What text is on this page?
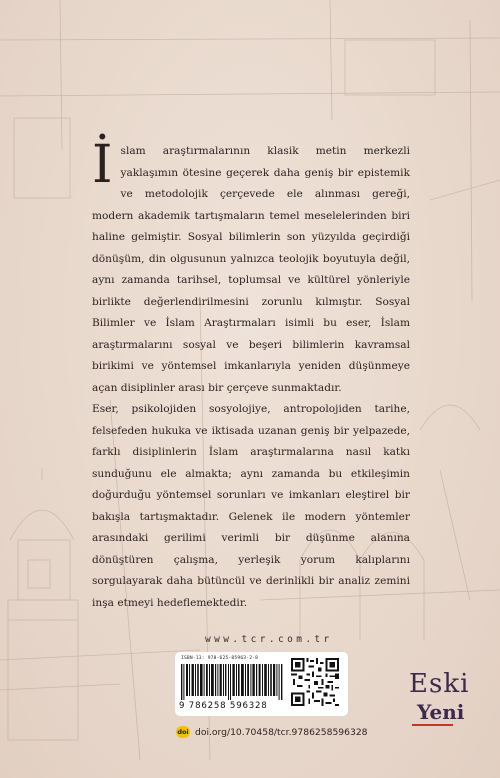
İslam araştırmalarının klasik metin merkezli yaklaşımın ötesine geçerek daha geniş bir epistemik ve metodolojik çerçevede ele alınması gereği, modern akademik tartışmaların temel meselelerinden biri haline gelmiştir. Sosyal bilimlerin son yüzyılda geçirdiği dönüşüm, din olgusunun yalnızca teolojik boyutuyla değil, aynı zamanda tarihsel, toplumsal ve kültürel yönleriyle birlikte değerlendirilmesini zorunlu kılmıştır. Sosyal Bilimler ve İslam Araştırmaları isimli bu eser, İslam araştırmalarını sosyal ve beşeri bilimlerin kavramsal birikimi ve yöntemsel imkanlarıyla yeniden düşünmeye açan disiplinler arası bir çerçeve sunmaktadır.

Eser, psikolojiden sosyolojiye, antropolojiden tarihe, felsefeden hukuka ve iktisada uzanan geniş bir yelpazede, farklı disiplinlerin İslam araştırmalarına nasıl katkı sunduğunu ele almakta; aynı zamanda bu etkileşimin doğurduğu yöntemsel sorunları ve imkanları eleştirel bir bakışla tartışmaktadır. Gelenek ile modern yöntemler arasındaki gerilimi verimli bir düşünme alanına dönüştüren çalışma, yerleşik yorum kalıplarını sorgulayarak daha bütüncül ve derinlikli bir analiz zemini inşa etmeyi hedeflemektedir.

www.tcr.com.tr
ISBN-13: 978-625-85963-2-8
9 786258 596328
doi doi.org/10.70458/tcr.9786258596328
Eski
Yeni
